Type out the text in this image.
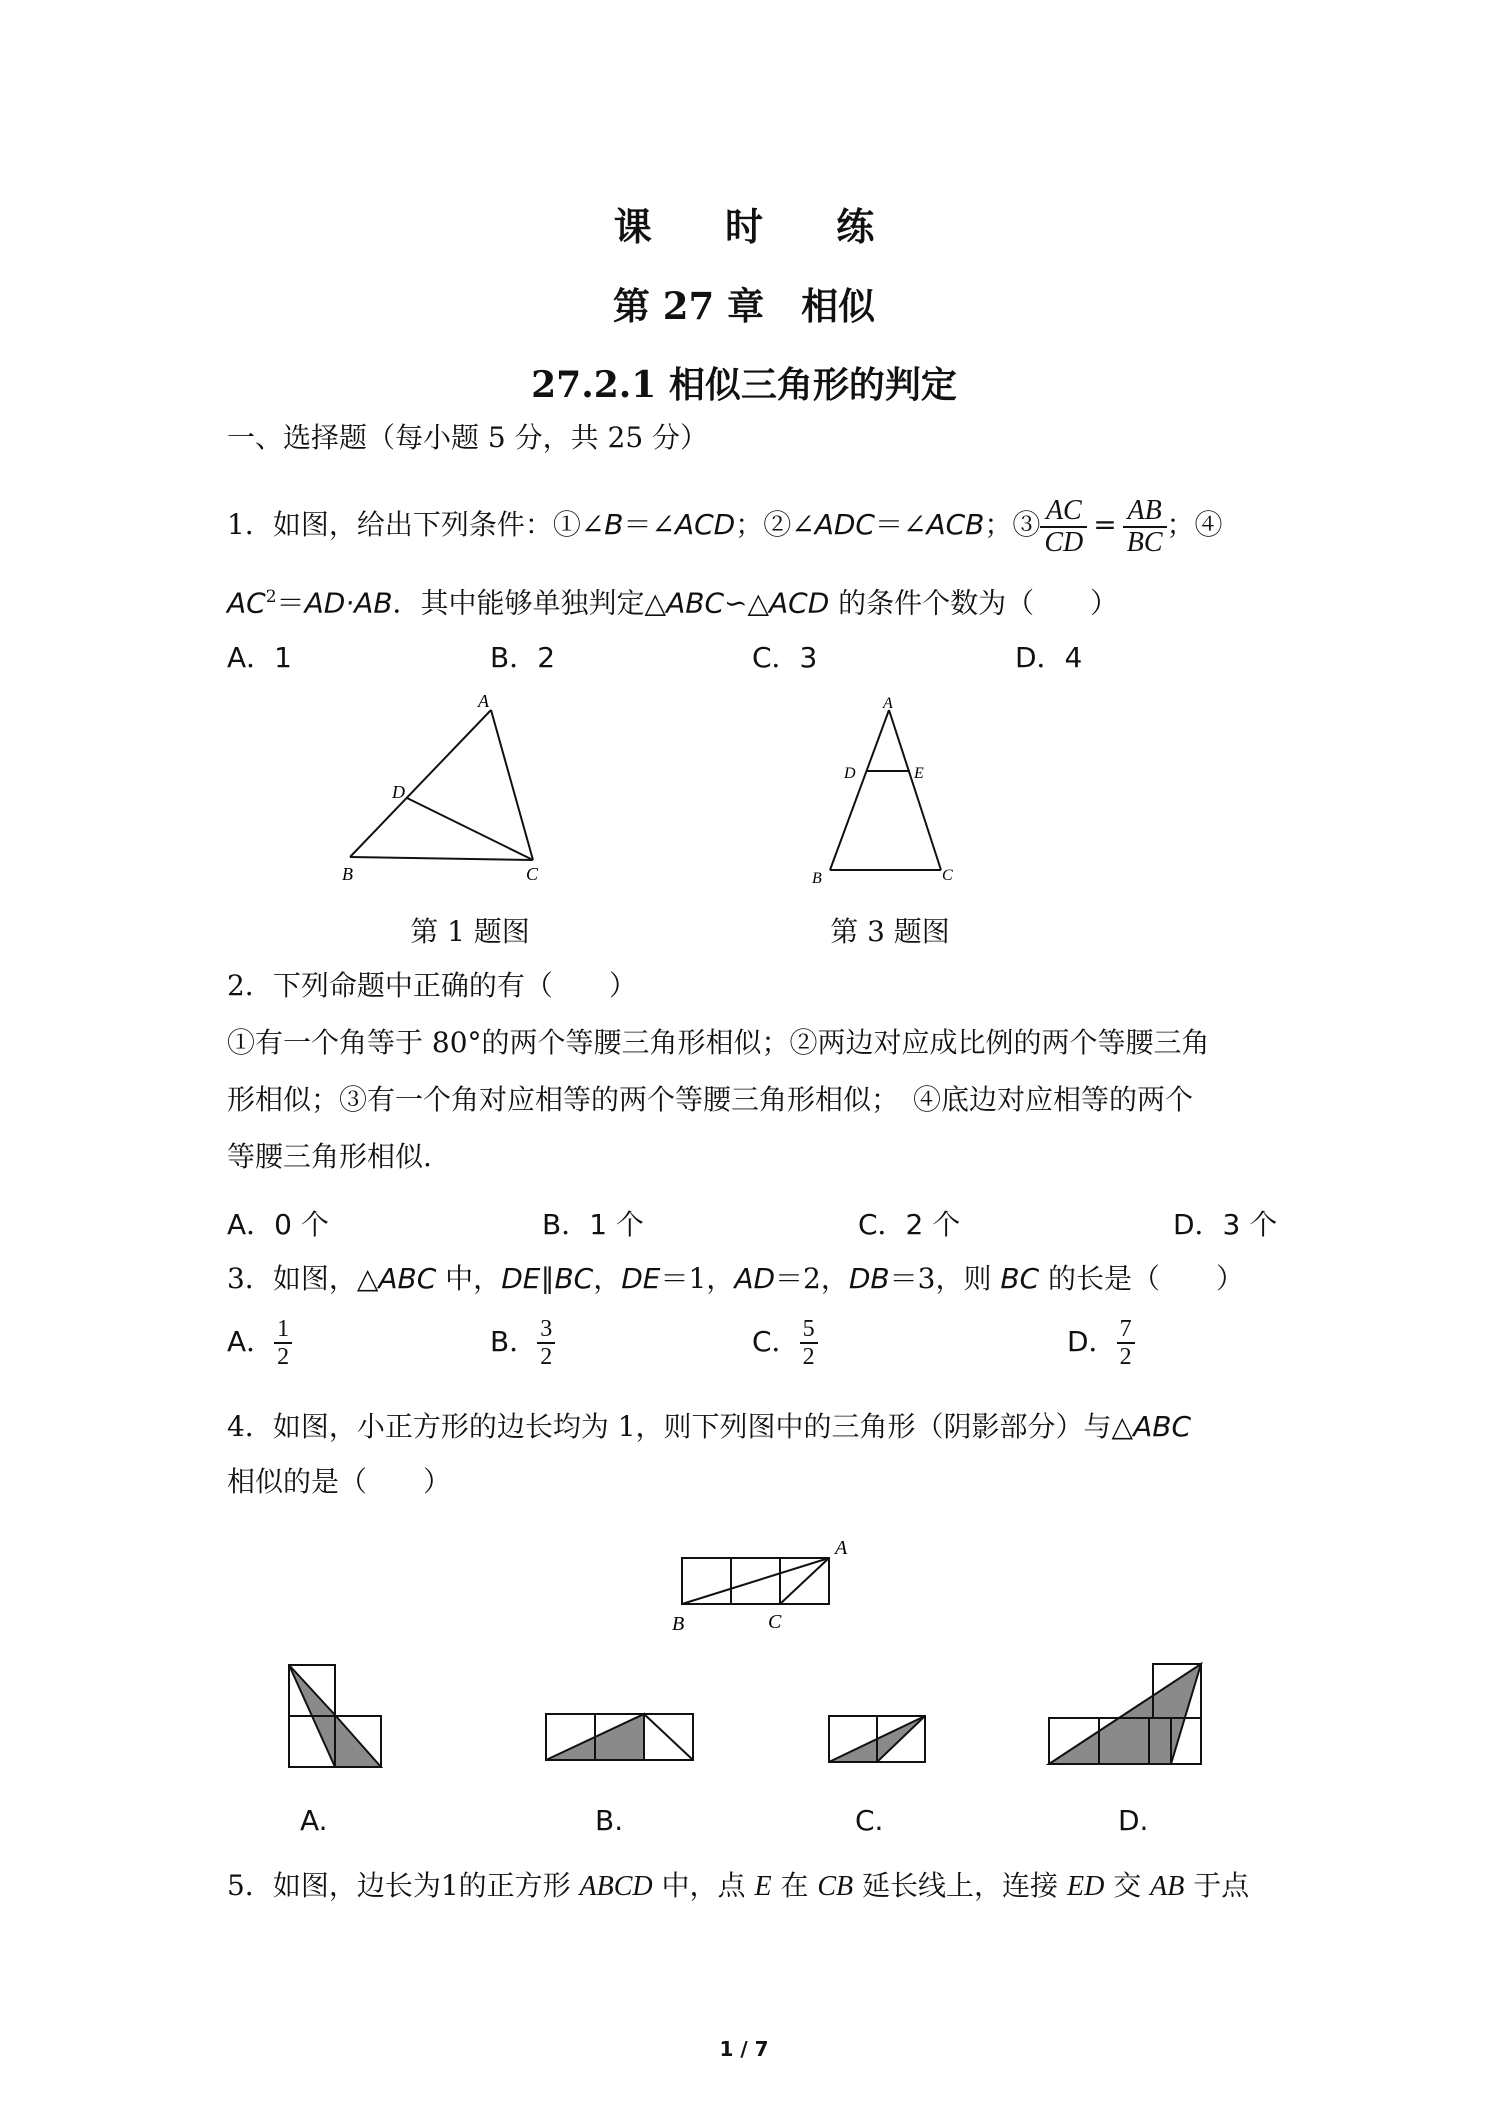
课 时 练
第 27 章　相似
27.2.1 相似三角形的判定
一、选择题（每小题 5 分，共 25 分）
1．如图，给出下列条件：①∠B＝∠ACD；②∠ADC＝∠ACB；③ $\frac{AC}{CD} = \frac{AB}{BC}$ ；④
$AC^2=AD\cdot AB$．其中能够单独判定△ABC∽△ACD 的条件个数为（　　）
A．1	B．2	C．3	D．4
A
D
B	C
第 1 题图
A
D	E
B	C
第 3 题图
2．下列命题中正确的有（　　）
①有一个角等于 80°的两个等腰三角形相似；②两边对应成比例的两个等腰三角
形相似；③有一个角对应相等的两个等腰三角形相似；　④底边对应相等的两个
等腰三角形相似.
A．0 个	B．1 个	C．2 个	D．3 个
3．如图，△ABC 中，DE∥BC，DE＝1，AD＝2，DB＝3，则 BC 的长是（　　）
A． $\frac{1}{2}$	B． $\frac{3}{2}$	C． $\frac{5}{2}$	D． $\frac{7}{2}$
4．如图，小正方形的边长均为 1，则下列图中的三角形（阴影部分）与△ABC
相似的是（　　）
A
B	C
A.	B.	C.	D.
5．如图，边长为1的正方形 ABCD 中，点 E 在 CB 延长线上，连接 ED 交 AB 于点
1 / 7
